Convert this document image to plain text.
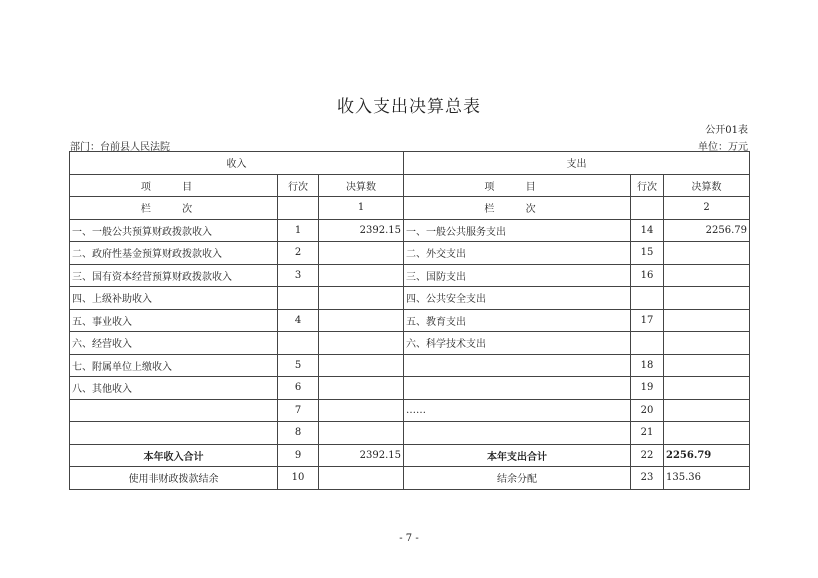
收入支出决算总表
公开01表
部门：台前县人民法院	单位：万元
收入			支出		
项 目	行次	决算数	项 目	行次	决算数
栏 次		1	栏 次		2
一、一般公共预算财政拨款收入	1	2392.15	一、一般公共服务支出	14	2256.79
二、政府性基金预算财政拨款收入	2		二、外交支出	15	
三、国有资本经营预算财政拨款收入	3		三、国防支出	16	
四、上级补助收入			四、公共安全支出		
五、事业收入	4		五、教育支出	17	
六、经营收入			六、科学技术支出		
七、附属单位上缴收入	5			18	
八、其他收入	6			19	
	7		……	20	
	8			21	
本年收入合计	9	2392.15	本年支出合计	22	2256.79
使用非财政拨款结余	10		结余分配	23	135.36
- 7 -
